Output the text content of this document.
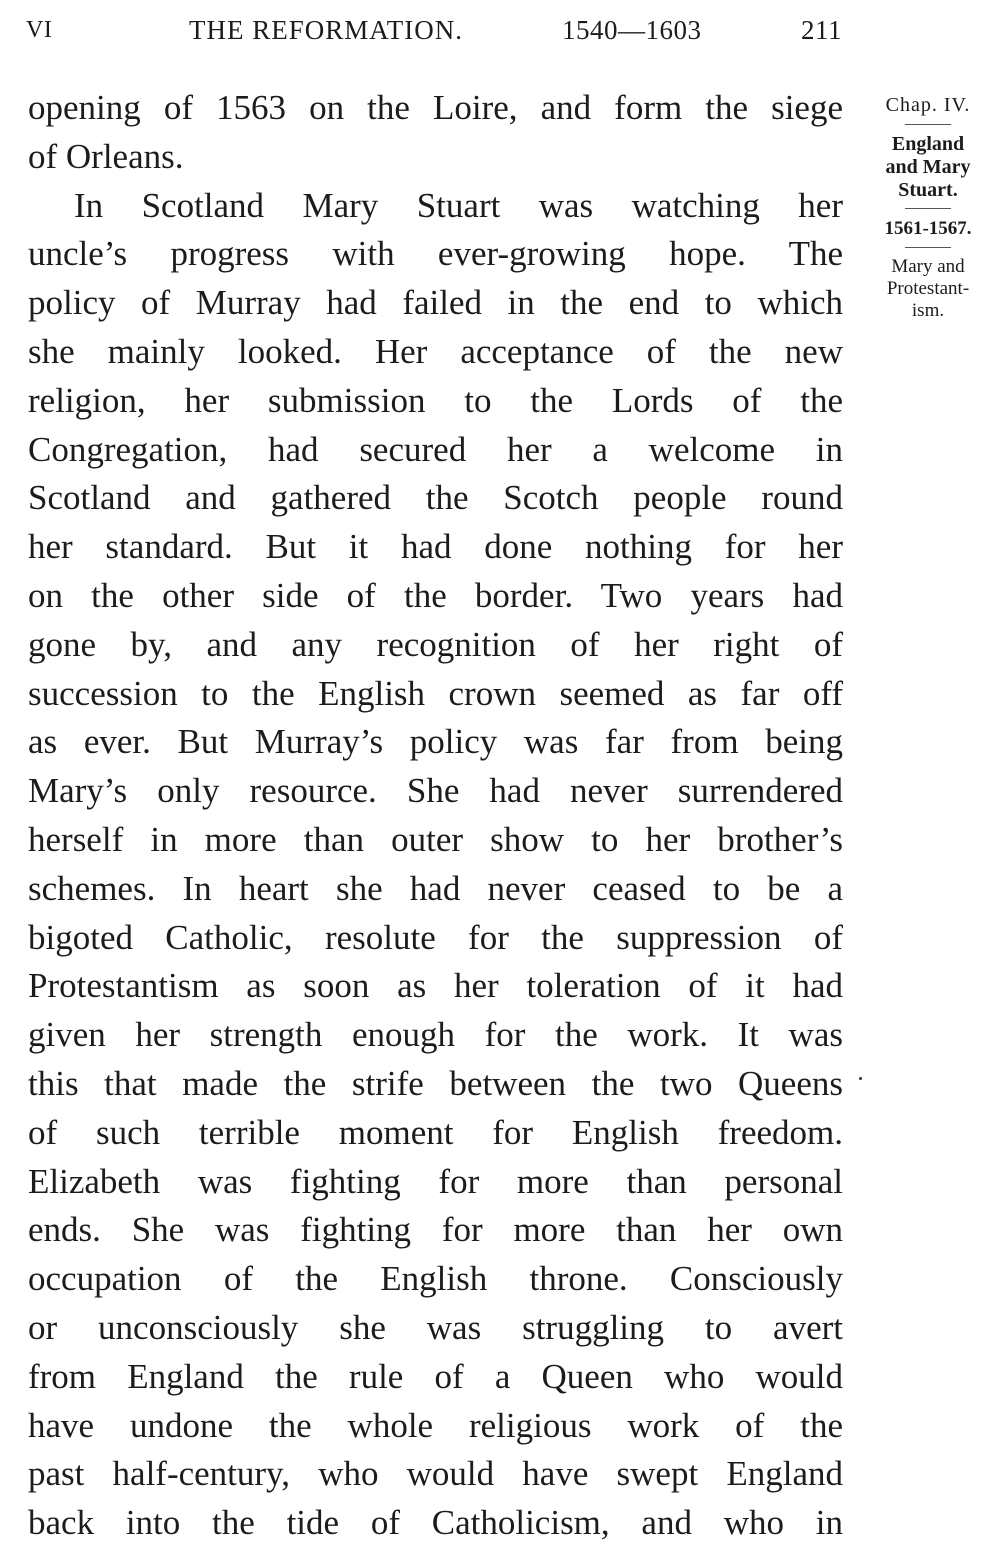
VI	THE REFORMATION.	1540—1603	211
opening of 1563 on the Loire, and form the siege
of Orleans.
In Scotland Mary Stuart was watching her
uncle’s progress with ever-growing hope. The
policy of Murray had failed in the end to which
she mainly looked. Her acceptance of the new
religion, her submission to the Lords of the
Congregation, had secured her a welcome in
Scotland and gathered the Scotch people round
her standard. But it had done nothing for her
on the other side of the border. Two years had
gone by, and any recognition of her right of
succession to the English crown seemed as far off
as ever. But Murray’s policy was far from being
Mary’s only resource. She had never surrendered
herself in more than outer show to her brother’s
schemes. In heart she had never ceased to be a
bigoted Catholic, resolute for the suppression of
Protestantism as soon as her toleration of it had
given her strength enough for the work. It was
this that made the strife between the two Queens
of such terrible moment for English freedom.
Elizabeth was fighting for more than personal
ends. She was fighting for more than her own
occupation of the English throne. Consciously
or unconsciously she was struggling to avert
from England the rule of a Queen who would
have undone the whole religious work of the
past half-century, who would have swept England
back into the tide of Catholicism, and who in
Chap. IV.
England
and Mary
Stuart.
1561-1567.
Mary and
Protestant-
ism.
